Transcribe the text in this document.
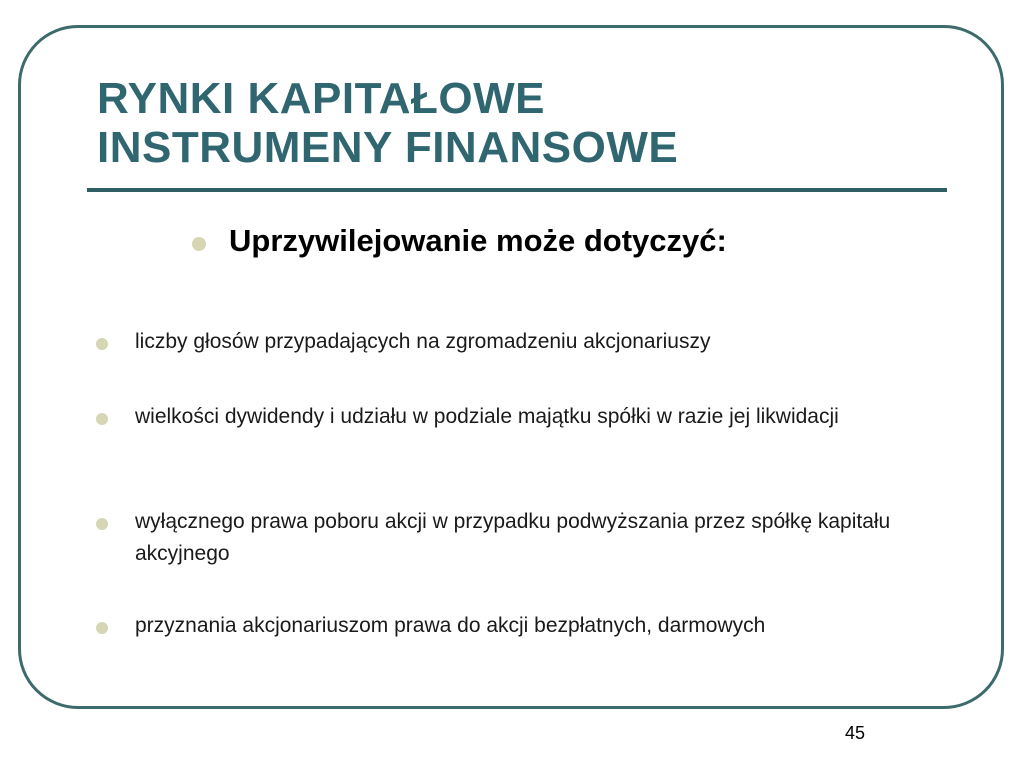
RYNKI KAPITAŁOWE
INSTRUMENY FINANSOWE

Uprzywilejowanie może dotyczyć:

liczby głosów przypadających na zgromadzeniu akcjonariuszy

wielkości dywidendy i udziału w podziale majątku spółki w razie jej likwidacji

wyłącznego prawa poboru akcji w przypadku podwyższania przez spółkę kapitału akcyjnego

przyznania akcjonariuszom prawa do akcji bezpłatnych, darmowych

45
